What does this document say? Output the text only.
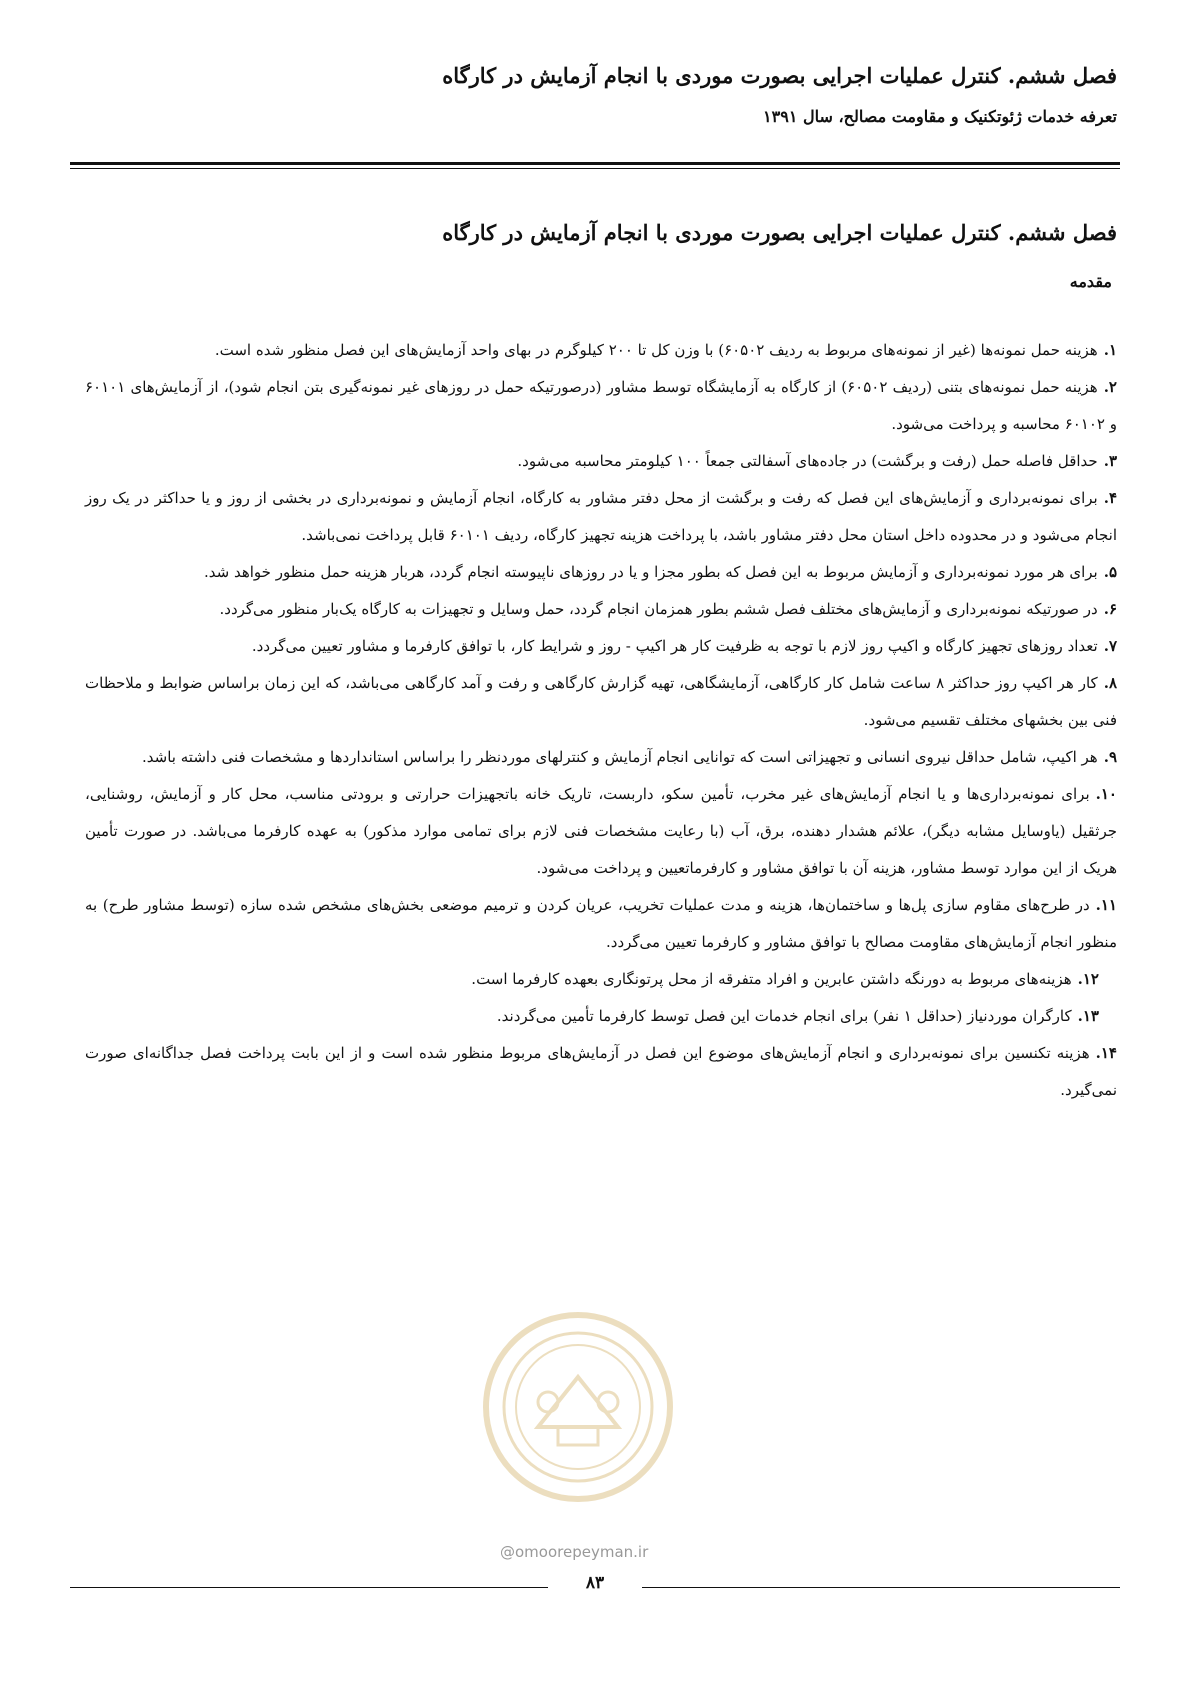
فصل ششم. کنترل عملیات اجرایی بصورت موردی با انجام آزمایش در کارگاه
تعرفه خدمات ژئوتکنیک و مقاومت مصالح، سال ۱۳۹۱
فصل ششم. کنترل عملیات اجرایی بصورت موردی با انجام آزمایش در کارگاه
مقدمه

۱.هزینه حمل نمونه‌ها (غیر از نمونه‌های مربوط به ردیف ۶۰۵۰۲) با وزن کل تا ۲۰۰ کیلوگرم در بهای واحد آزمایش‌های این فصل منظور شده است.

۲.هزینه حمل نمونه‌های بتنی (ردیف ۶۰۵۰۲) از کارگاه به آزمایشگاه توسط مشاور (درصورتیکه حمل در روزهای غیر نمونه‌گیری بتن انجام شود)، از آزمایش‌های ۶۰۱۰۱ و ۶۰۱۰۲ محاسبه و پرداخت می‌شود.

۳.حداقل فاصله حمل (رفت و برگشت) در جاده‌های آسفالتی جمعاً ۱۰۰ کیلومتر محاسبه می‌شود.

۴.برای نمونه‌برداری و آزمایش‌های این فصل که رفت و برگشت از محل دفتر مشاور به کارگاه، انجام آزمایش و نمونه‌برداری در بخشی از روز و یا حداکثر در یک روز انجام می‌شود و در محدوده داخل استان محل دفتر مشاور باشد، با پرداخت هزینه تجهیز کارگاه، ردیف ۶۰۱۰۱ قابل پرداخت نمی‌باشد.

۵.برای هر مورد نمونه‌برداری و آزمایش مربوط به این فصل که بطور مجزا و یا در روزهای ناپیوسته انجام گردد، هربار هزینه حمل منظور خواهد شد.

۶.در صورتیکه نمونه‌برداری و آزمایش‌های مختلف فصل ششم بطور همزمان انجام گردد، حمل وسایل و تجهیزات به کارگاه یک‌بار منظور می‌گردد.

۷.تعداد روزهای تجهیز کارگاه و اکیپ روز لازم با توجه به ظرفیت کار هر اکیپ - روز و شرایط کار، با توافق کارفرما و مشاور تعیین می‌گردد.

۸.کار هر اکیپ روز حداکثر ۸ ساعت شامل کار کارگاهی، آزمایشگاهی، تهیه گزارش کارگاهی و رفت و آمد کارگاهی می‌باشد، که این زمان براساس ضوابط و ملاحظات فنی بین بخشهای مختلف تقسیم می‌شود.

۹.هر اکیپ، شامل حداقل نیروی انسانی و تجهیزاتی است که توانایی انجام آزمایش و کنترلهای موردنظر را براساس استانداردها و مشخصات فنی داشته باشد.

۱۰.برای نمونه‌برداری‌ها و یا انجام آزمایش‌های غیر مخرب، تأمین سکو، داربست، تاریک خانه باتجهیزات حرارتی و برودتی مناسب، محل کار و آزمایش، روشنایی، جرثقیل (یاوسایل مشابه دیگر)، علائم هشدار دهنده، برق، آب (با رعایت مشخصات فنی لازم برای تمامی موارد مذکور) به عهده کارفرما می‌باشد. در صورت تأمین هریک از این موارد توسط مشاور، هزینه آن با توافق مشاور و کارفرما‌تعیین و پرداخت می‌شود.

۱۱.در طرح‌های مقاوم سازی پل‌ها و ساختمان‌ها، هزینه و مدت عملیات تخریب، عریان کردن و ترمیم موضعی بخش‌های مشخص شده سازه (توسط مشاور طرح) به منظور انجام آزمایش‌های مقاومت مصالح با توافق مشاور و کارفرما تعیین می‌گردد.

۱۲.هزینه‌های مربوط به دورنگه داشتن عابرین و افراد متفرقه از محل پرتونگاری بعهده کارفرما است.

۱۳.کارگران موردنیاز (حداقل ۱ نفر) برای انجام خدمات این فصل توسط کارفرما تأمین می‌گردند.

۱۴.هزینه تکنسین برای نمونه‌برداری و انجام آزمایش‌های موضوع این فصل در آزمایش‌های مربوط منظور شده است و از این بابت پرداخت فصل جداگانه‌ای صورت نمی‌گیرد.

@omoorepeyman.ir
۸۳
